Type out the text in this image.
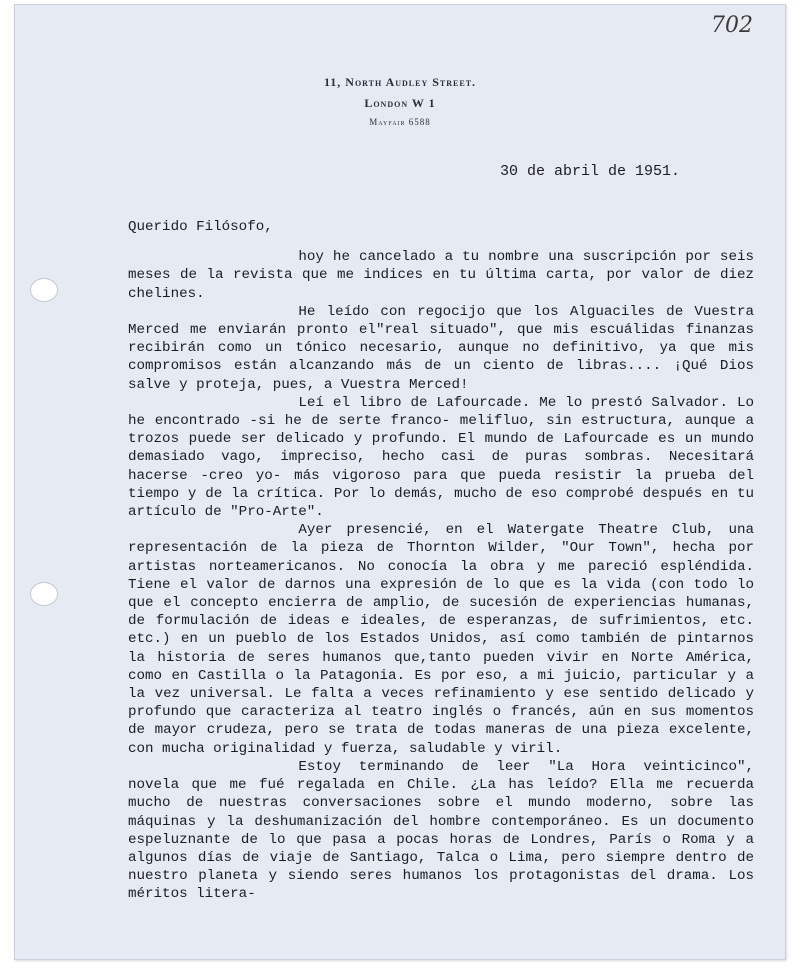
702
11, North Audley Street.
London W 1
Mayfair 6588
30 de abril de 1951.
Querido Filósofo,

hoy he cancelado a tu nombre una suscripción por seis meses de la revista que me indices en tu última carta, por valor de diez chelines.

He leído con regocijo que los Alguaciles de Vuestra Merced me enviarán pronto el"real situado", que mis escuálidas finanzas recibirán como un tónico necesario, aunque no definitivo, ya que mis compromisos están alcanzando más de un ciento de libras.... ¡Qué Dios salve y proteja, pues, a Vuestra Merced!

Leí el libro de Lafourcade. Me lo prestó Salvador. Lo he encontrado -si he de serte franco- melifluo, sin estructura, aunque a trozos puede ser delicado y profundo. El mundo de Lafourcade es un mundo demasiado vago, impreciso, hecho casi de puras sombras. Necesitará hacerse -creo yo- más vigoroso para que pueda resistir la prueba del tiempo y de la crítica. Por lo demás, mucho de eso comprobé después en tu artículo de "Pro-Arte".

Ayer presencié, en el Watergate Theatre Club, una representación de la pieza de Thornton Wilder, "Our Town", hecha por artistas norteamericanos. No conocía la obra y me pareció espléndida. Tiene el valor de darnos una expresión de lo que es la vida (con todo lo que el concepto encierra de amplio, de sucesión de experiencias humanas, de formulación de ideas e ideales, de esperanzas, de sufrimientos, etc. etc.) en un pueblo de los Estados Unidos, así como también de pintarnos la historia de seres humanos que,tanto pueden vivir en Norte América, como en Castilla o la Patagonia. Es por eso, a mi juicio, particular y a la vez universal. Le falta a veces refinamiento y ese sentido delicado y profundo que caracteriza al teatro inglés o francés, aún en sus momentos de mayor crudeza, pero se trata de todas maneras de una pieza excelente, con mucha originalidad y fuerza, saludable y viril.

Estoy terminando de leer "La Hora veinticinco", novela que me fué regalada en Chile. ¿La has leído? Ella me recuerda mucho de nuestras conversaciones sobre el mundo moderno, sobre las máquinas y la deshumanización del hombre contemporáneo. Es un documento espeluznante de lo que pasa a pocas horas de Londres, París o Roma y a algunos días de viaje de Santiago, Talca o Lima, pero siempre dentro de nuestro planeta y siendo seres humanos los protagonistas del drama. Los méritos litera-
